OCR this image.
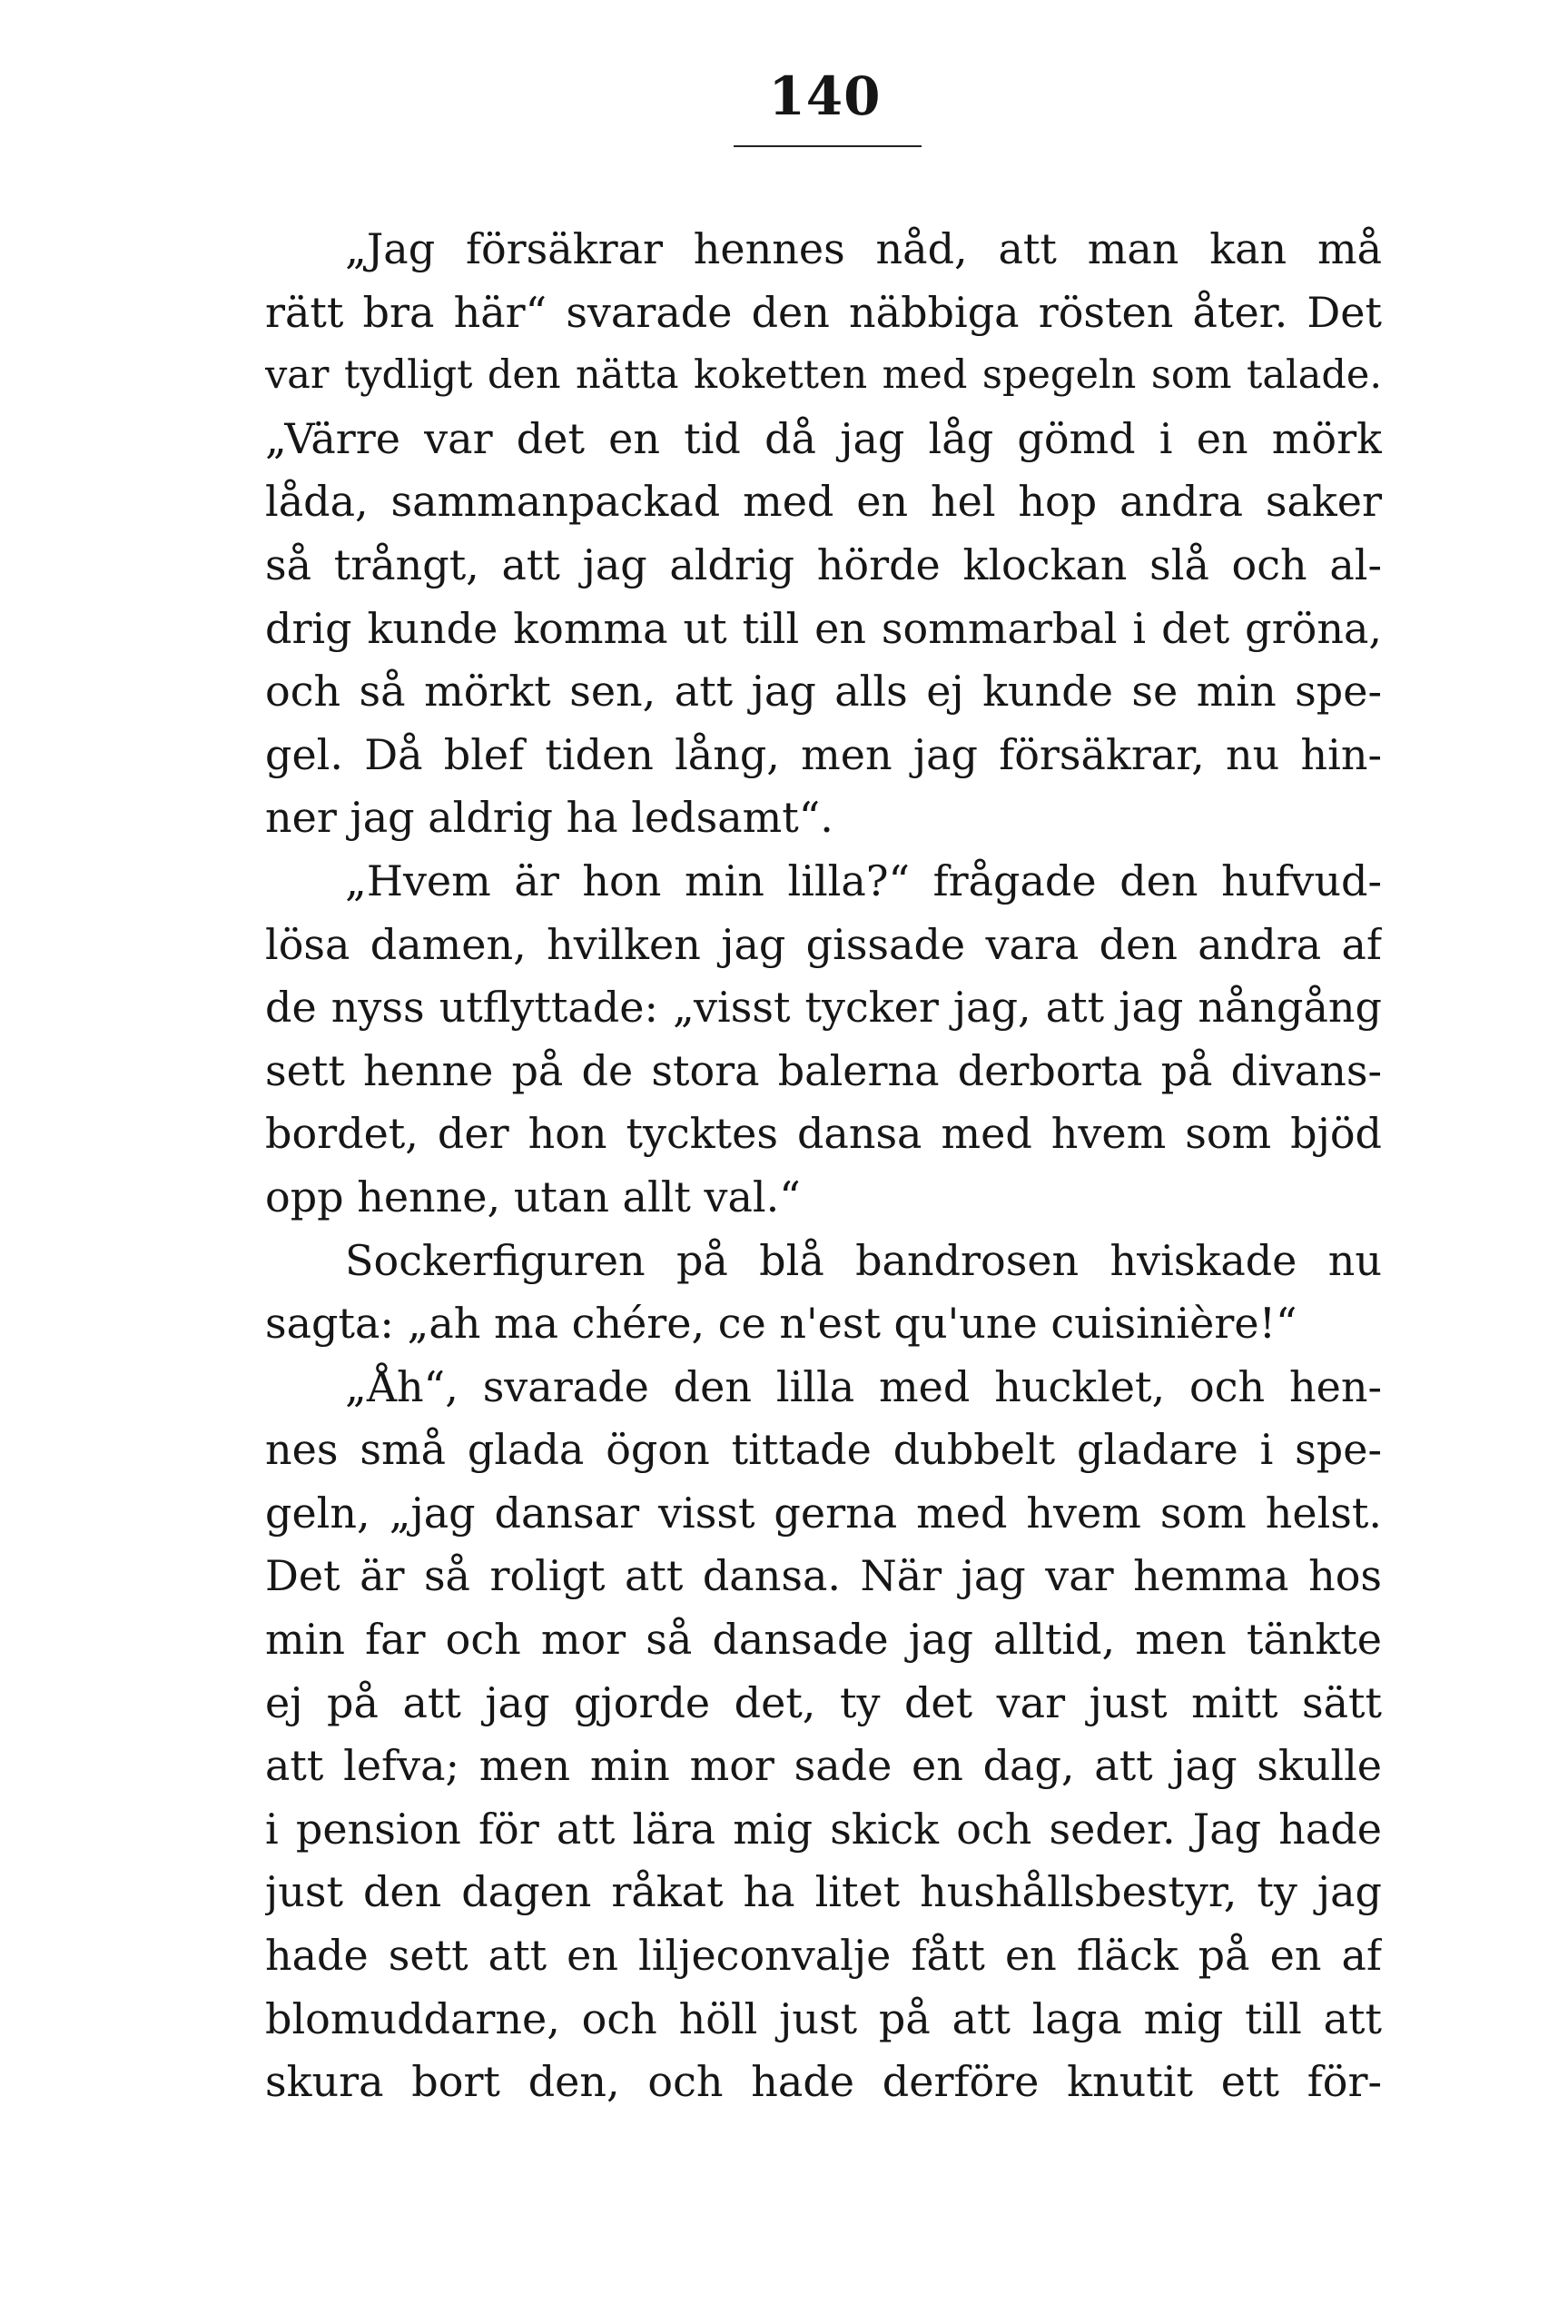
140
„Jag försäkrar hennes nåd, att man kan må
rätt bra här“ svarade den näbbiga rösten åter. Det
var tydligt den nätta koketten med spegeln som talade.
„Värre var det en tid då jag låg gömd i en mörk
låda, sammanpackad med en hel hop andra saker
så trångt, att jag aldrig hörde klockan slå och al-
drig kunde komma ut till en sommarbal i det gröna,
och så mörkt sen, att jag alls ej kunde se min spe-
gel. Då blef tiden lång, men jag försäkrar, nu hin-
ner jag aldrig ha ledsamt“.
„Hvem är hon min lilla?“ frågade den hufvud-
lösa damen, hvilken jag gissade vara den andra af
de nyss utflyttade: „visst tycker jag, att jag nångång
sett henne på de stora balerna derborta på divans-
bordet, der hon tycktes dansa med hvem som bjöd
opp henne, utan allt val.“
Sockerfiguren på blå bandrosen hviskade nu
sagta: „ah ma chére, ce n'est qu'une cuisinière!“
„Åh“, svarade den lilla med hucklet, och hen-
nes små glada ögon tittade dubbelt gladare i spe-
geln, „jag dansar visst gerna med hvem som helst.
Det är så roligt att dansa. När jag var hemma hos
min far och mor så dansade jag alltid, men tänkte
ej på att jag gjorde det, ty det var just mitt sätt
att lefva; men min mor sade en dag, att jag skulle
i pension för att lära mig skick och seder. Jag hade
just den dagen råkat ha litet hushållsbestyr, ty jag
hade sett att en liljeconvalje fått en fläck på en af
blomuddarne, och höll just på att laga mig till att
skura bort den, och hade derföre knutit ett för-
